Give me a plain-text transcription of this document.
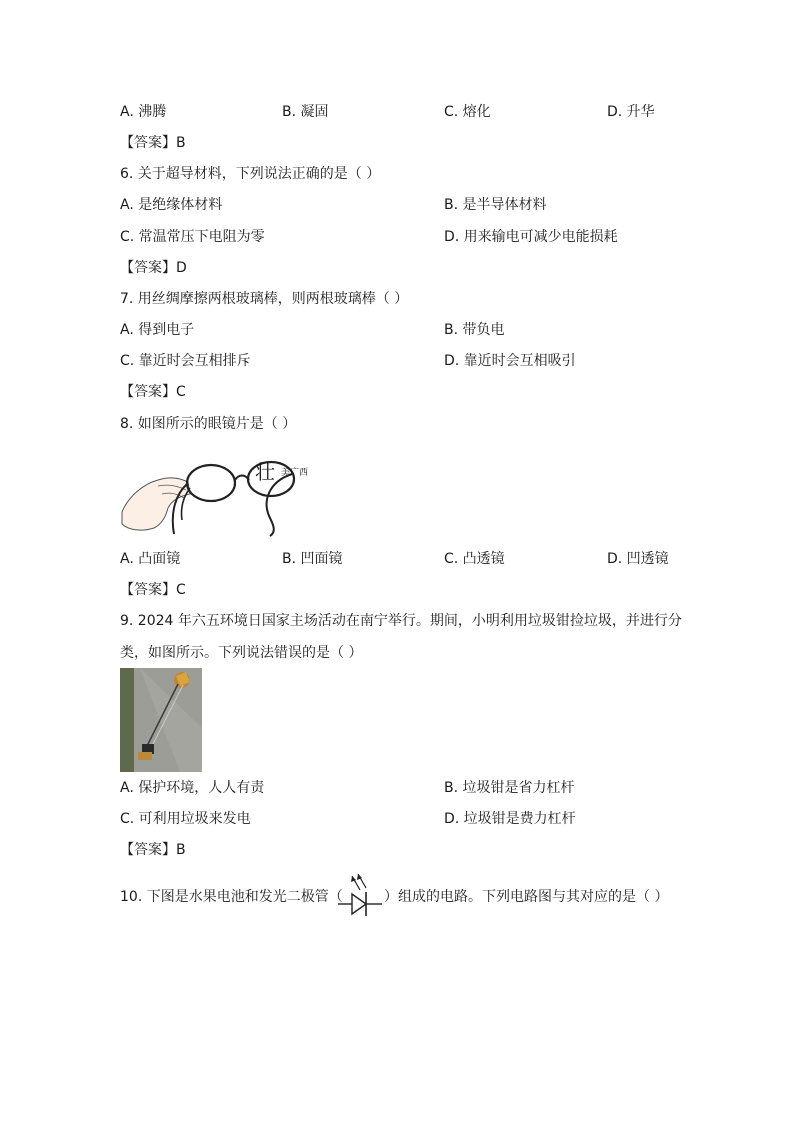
A. 沸腾	B. 凝固	C. 熔化	D. 升华
【答案】B
6. 关于超导材料，下列说法正确的是（ ）
A. 是绝缘体材料	B. 是半导体材料
C. 常温常压下电阻为零	D. 用来输电可减少电能损耗
【答案】D
7. 用丝绸摩擦两根玻璃棒，则两根玻璃棒（ ）
A. 得到电子	B. 带负电
C. 靠近时会互相排斥	D. 靠近时会互相吸引
【答案】C
8. 如图所示的眼镜片是（ ）
壮 美广西
A. 凸面镜	B. 凹面镜	C. 凸透镜	D. 凹透镜
【答案】C
9. 2024 年六五环境日国家主场活动在南宁举行。期间，小明利用垃圾钳捡垃圾，并进行分
类，如图所示。下列说法错误的是（ ）
A. 保护环境，人人有责	B. 垃圾钳是省力杠杆
C. 可利用垃圾来发电	D. 垃圾钳是费力杠杆
【答案】B
10. 下图是水果电池和发光二极管（	）组成的电路。下列电路图与其对应的是（ ）
